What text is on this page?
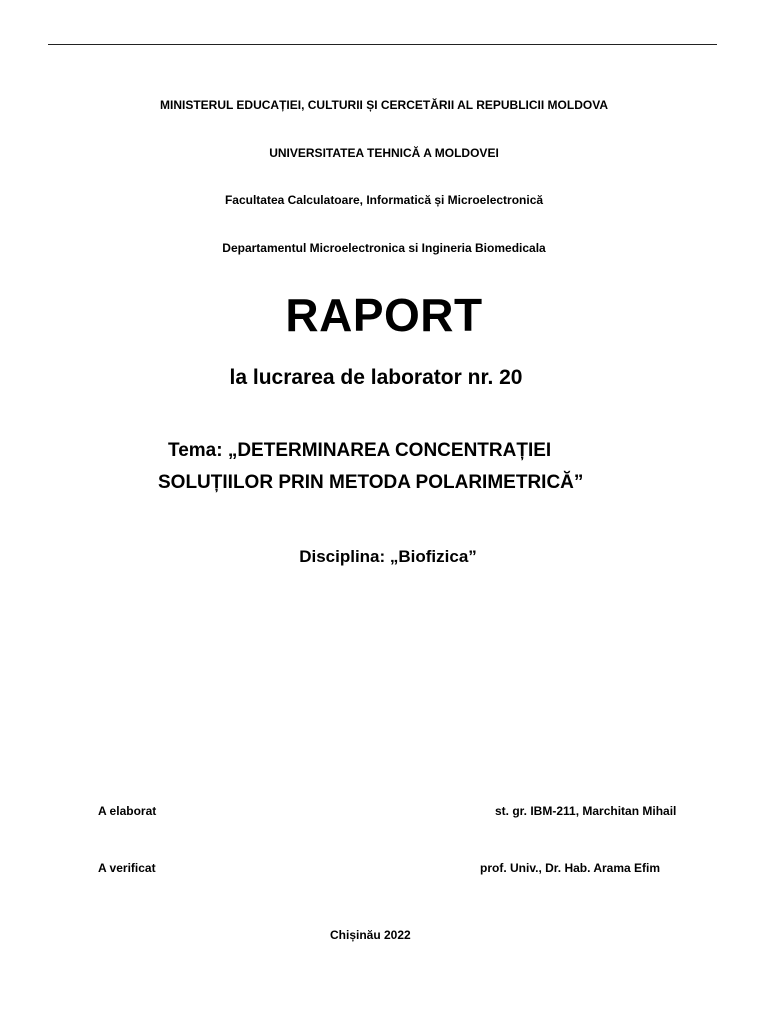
MINISTERUL EDUCAȚIEI, CULTURII ȘI CERCETĂRII AL REPUBLICII MOLDOVA
UNIVERSITATEA TEHNICĂ A MOLDOVEI
Facultatea Calculatoare, Informatică și Microelectronică
Departamentul Microelectronica si Ingineria Biomedicala
RAPORT
la lucrarea de laborator nr. 20
Tema: „DETERMINAREA CONCENTRAȚIEI
SOLUȚIILOR PRIN METODA POLARIMETRICĂ”
Disciplina: „Biofizica”
A elaborat	st. gr. IBM-211, Marchitan Mihail
A verificat	prof. Univ., Dr. Hab. Arama Efim
Chișinău 2022
